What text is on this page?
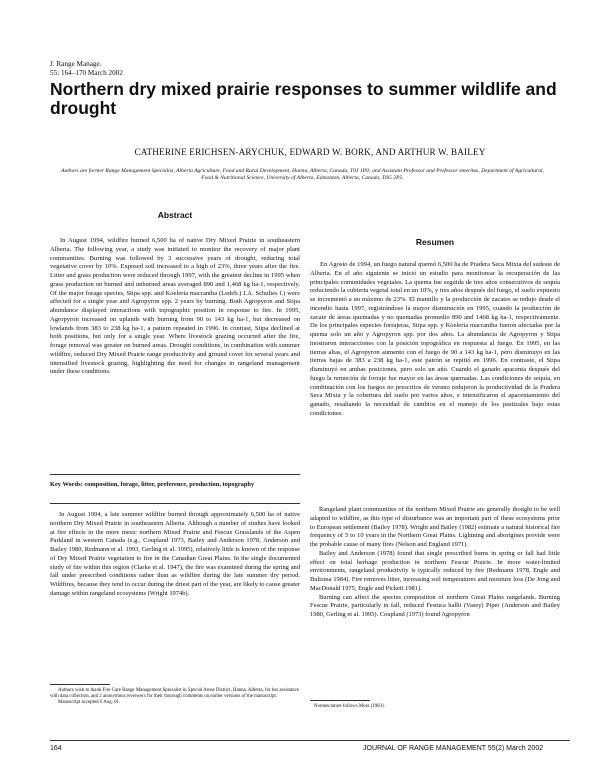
J. Range Manage.
55: 164–170 March 2002
Northern dry mixed prairie responses to summer wildlife and drought
CATHERINE ERICHSEN-ARYCHUK, EDWARD W. BORK, AND ARTHUR W. BAILEY
Authors are former Range Management Specialist, Alberta Agriculture, Food and Rural Development, Hanna, Alberta, Canada, T0J 1P0; and Assistant Professor and Professor emeritus, Department of Agricultural, Food & Nutritional Science, University of Alberta, Edmonton, Alberta, Canada, T6G 2P5.
Abstract

In August 1994, wildfire burned 6,500 ha of native Dry Mixed Prairie in southeastern Alberta. The following year, a study was initiated to monitor the recovery of major plant communities. Burning was followed by 3 successive years of drought, reducing total vegetative cover by 10%. Exposed soil increased to a high of 23%, three years after the fire. Litter and grass production were reduced through 1997, with the greatest decline in 1995 when grass production on burned and unburned areas averaged 890 and 1,468 kg ha-1, respectively. Of the major forage species, Stipa spp. and Koeleria macrantha (Ledeb.) J.A. Schultes f.) were affected for a single year and Agropyron spp. 2 years by burning. Both Agropyron and Stipa abundance displayed interactions with topographic position in response to fire. In 1995, Agropyron increased on uplands with burning from 90 to 143 kg ha-1, but decreased on lowlands from 383 to 238 kg ha-1, a pattern repeated in 1996. In contrast, Stipa declined at both positions, but only for a single year. Where livestock grazing occurred after the fire, forage removal was greater on burned areas. Drought conditions, in combination with summer wildfire, reduced Dry Mixed Prairie range productivity and ground cover for several years and intensified livestock grazing, highlighting the need for changes in rangeland management under these conditions.

Resumen

En Agosto de 1994, un fuego natural quemó 6,500 ha de Pradera Seca Mixta del sudeste de Alberta. En el año siguiente se inició un estudio para monitorear la recuperación de las principales comunidades vegetales. La quema fue seguida de tres años consecutivos de sequía reduciendo la cubierta vegetal total en un 10%, y tres años después del fuego, el suelo expuesto se incrementó a un máximo de 23%. El mantillo y la producción de zacates se redujo desde el incendio hasta 1997, registrándose la mayor disminución en 1995, cuando la producción de zacate de áreas quemadas y no quemadas promedio 890 and 1468 kg ha-1, respectivamente. De los principales especies forrajeras, Stipa spp. y Koeleria macrantha fueron afectadas por la quema solo un año y Agropyron spp. por dos años. La abundancia de Agropyron y Stipa mostraron interacciones con la posición topográfica en respuesta al fuego. En 1995, en las tierras altas, el Agropyron aumento con el fuego de 90 a 143 kg ha-1, pero disminuyo en las tierras bajas de 383 a 238 kg ha-1, este patrón se repitió en 1996. En contraste, el Stipa disminuyó en ambas posiciones, pero solo un año. Cuando el ganado apacenta después del fuego la remoción de forraje fue mayor en las áreas quemadas. Las condiciones de sequía, en combinación con los fuegos no prescritos de verano redujeron la productividad de la Pradera Seca Mixta y la cobertura del suelo por varios años, e intensificaron el apacentamiento del ganado, resaltando la necesidad de cambios en el manejo de los pastizales bajo estas condiciones.

Key Words: composition, forage, litter, preference, production, topography

In August 1994, a late summer wildfire burned through approximately 6,500 ha of native northern Dry Mixed Prairie in southeastern Alberta. Although a number of studies have looked at fire effects in the more mesic northern Mixed Prairie and Fescue Grasslands of the Aspen Parkland in western Canada (e.g., Coupland 1973, Bailey and Anderson 1978, Anderson and Bailey 1980, Redmann et al. 1993, Gerling et al. 1995), relatively little is known of the response of Dry Mixed Prairie vegetation to fire in the Canadian Great Plains. In the single documented study of fire within this region (Clarke et al. 1947), the fire was examined during the spring and fall under prescribed conditions rather than as wildfire during the late summer dry period. Wildfires, because they tend to occur during the driest part of the year, are likely to cause greater damage within rangeland ecosystems (Wright 1974b).

Authors wish to thank Fire Care Range Management Specialist in Special Areas District, Hanna, Alberta, for her assistance with data collection, and 2 anonymous reviewers for their thorough comments on earlier versions of the manuscript.

Manuscript accepted 6 Aug. 01.

Rangeland plant communities of the northern Mixed Prairie are generally thought to be well adapted to wildfire, as this type of disturbance was an important part of these ecosystems prior to European settlement (Bailey 1978). Wright and Bailey (1982) estimate a natural historical fire frequency of 5 to 10 years in the Northern Great Plains. Lightning and aborigines provide were the probable cause of many fires (Nelson and England 1971).

Bailey and Anderson (1978) found that single prescribed burns in spring or fall had little effect on total herbage production in northern Fescue Prairie. In more water-limited environments, rangeland productivity is typically reduced by fire (Redmann 1978, Engle and Bultsma 1984). Fire removes litter, increasing soil temperatures and moisture loss (De Jong and MacDonald 1975, Engle and Pickett 1981).

Burning can affect the species composition of northern Great Plains rangelands. Burning Fescue Prairie, particularly in fall, reduced Festuca hallii (Vasey) Piper (Anderson and Bailey 1980, Gerling et al. 1995). Coupland (1973) found Agropyron

Nomenclature follows Moss (1983).
164	JOURNAL OF RANGE MANAGEMENT 55(2) March 2002
